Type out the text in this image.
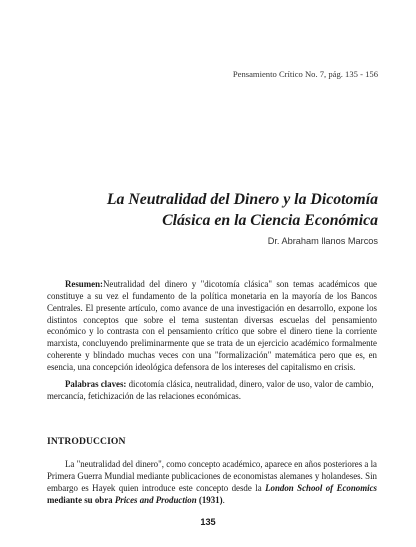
Pensamiento Crítico No. 7, pág. 135 - 156
La Neutralidad del Dinero y la Dicotomía
Clásica en la Ciencia Económica
Dr. Abraham llanos Marcos

Resumen:Neutralidad del dinero y "dicotomía clásica" son temas académicos que constituye a su vez el fundamento de la política monetaria en la mayoría de los Bancos Centrales. El presente artículo, como avance de una investigación en desarrollo, expone los distintos conceptos que sobre el tema sustentan diversas escuelas del pensamiento económico y lo contrasta con el pensamiento crítico que sobre el dinero tiene la corriente marxista, concluyendo preliminarmente que se trata de un ejercicio académico formalmente coherente y blindado muchas veces con una "formalización" matemática pero que es, en esencia, una concepción ideológica defensora de los intereses del capitalismo en crisis.

Palabras claves: dicotomía clásica, neutralidad, dinero, valor de uso, valor de cambio, mercancía, fetichización de las relaciones económicas.

INTRODUCCION

La "neutralidad del dinero", como concepto académico, aparece en años posteriores a la Primera Guerra Mundial mediante publicaciones de economistas alemanes y holandeses. Sin embargo es Hayek quien introduce este concepto desde la London School of Economics mediante su obra Prices and Production (1931).

135
